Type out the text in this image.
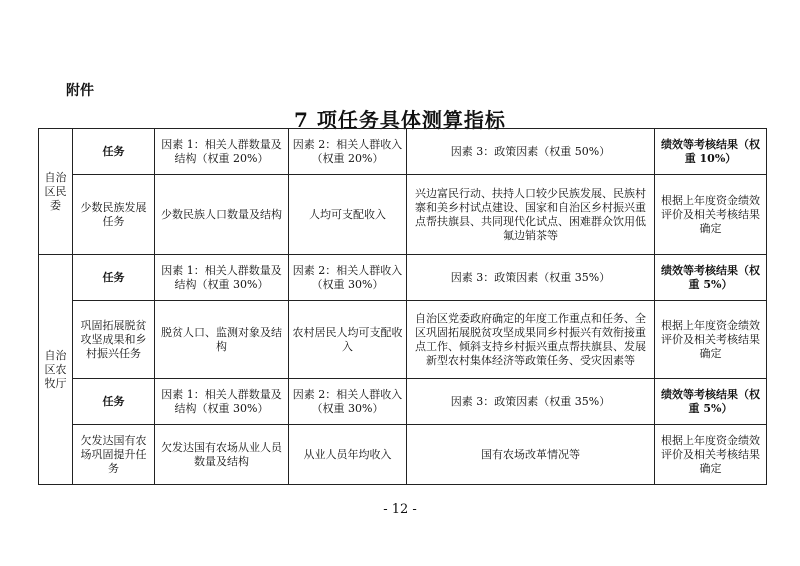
附件
7 项任务具体测算指标
自治区民委	任务	因素 1：相关人群数量及结构（权重 20%）	因素 2：相关人群收入（权重 20%）	因素 3：政策因素（权重 50%）	绩效等考核结果（权重 10%）
	少数民族发展任务	少数民族人口数量及结构	人均可支配收入	兴边富民行动、扶持人口较少民族发展、民族村寨和美乡村试点建设、国家和自治区乡村振兴重点帮扶旗县、共同现代化试点、困难群众饮用低氟边销茶等	根据上年度资金绩效评价及相关考核结果确定
自治区农牧厅	任务	因素 1：相关人群数量及结构（权重 30%）	因素 2：相关人群收入（权重 30%）	因素 3：政策因素（权重 35%）	绩效等考核结果（权重 5%）
	巩固拓展脱贫攻坚成果和乡村振兴任务	脱贫人口、监测对象及结构	农村居民人均可支配收入	自治区党委政府确定的年度工作重点和任务、全区巩固拓展脱贫攻坚成果同乡村振兴有效衔接重点工作、倾斜支持乡村振兴重点帮扶旗县、发展新型农村集体经济等政策任务、受灾因素等	根据上年度资金绩效评价及相关考核结果确定
	任务	因素 1：相关人群数量及结构（权重 30%）	因素 2：相关人群收入（权重 30%）	因素 3：政策因素（权重 35%）	绩效等考核结果（权重 5%）
	欠发达国有农场巩固提升任务	欠发达国有农场从业人员数量及结构	从业人员年均收入	国有农场改革情况等	根据上年度资金绩效评价及相关考核结果确定
- 12 -
